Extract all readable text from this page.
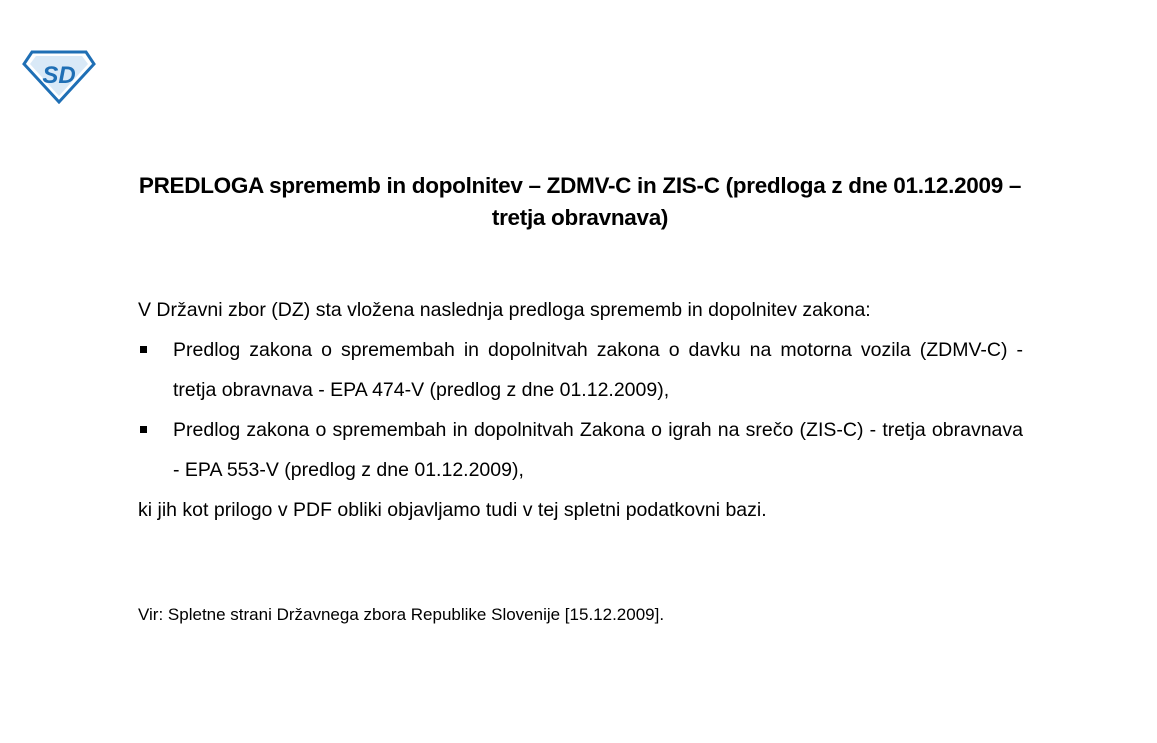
SD
PREDLOGA sprememb in dopolnitev – ZDMV-C in ZIS-C (predloga z dne 01.12.2009 – tretja obravnava)

V Državni zbor (DZ) sta vložena naslednja predloga sprememb in dopolnitev zakona:

Predlog zakona o spremembah in dopolnitvah zakona o davku na motorna vozila (ZDMV-C) - tretja obravnava - EPA 474-V (predlog z dne 01.12.2009),
Predlog zakona o spremembah in dopolnitvah Zakona o igrah na srečo (ZIS-C) - tretja obravnava - EPA 553-V (predlog z dne 01.12.2009),

ki jih kot prilogo v PDF obliki objavljamo tudi v tej spletni podatkovni bazi.

Vir: Spletne strani Državnega zbora Republike Slovenije [15.12.2009].
